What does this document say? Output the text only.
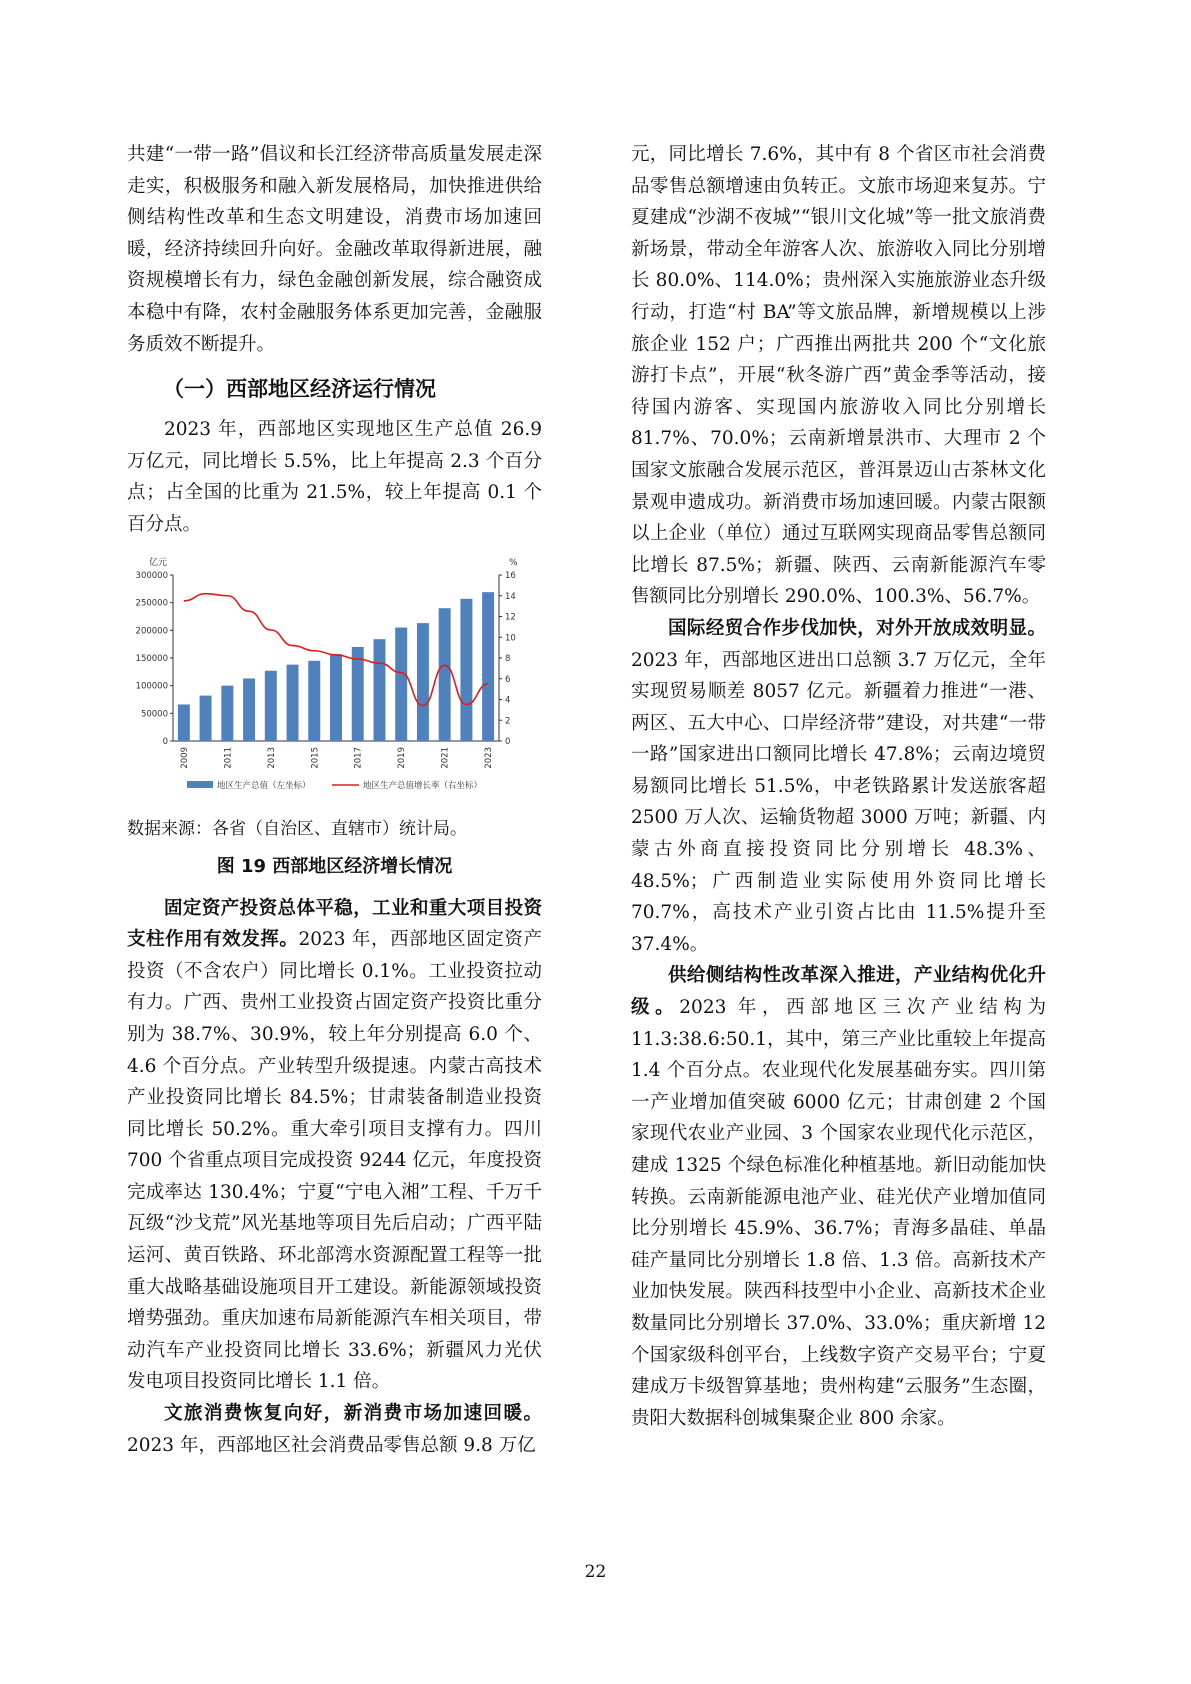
共建“一带一路”倡议和长江经济带高质量发展走深走实，积极服务和融入新发展格局，加快推进供给侧结构性改革和生态文明建设，消费市场加速回暖，经济持续回升向好。金融改革取得新进展，融资规模增长有力，绿色金融创新发展，综合融资成本稳中有降，农村金融服务体系更加完善，金融服务质效不断提升。

（一）西部地区经济运行情况

2023 年，西部地区实现地区生产总值 26.9 万亿元，同比增长 5.5%，比上年提高 2.3 个百分点；占全国的比重为 21.5%，较上年提高 0.1 个百分点。

亿元	%
0
50000
100000
150000
200000
250000
300000
0
2
4
6
8
10
12
14
16
2009	2011	2013	2015	2017	2019	2021	2023
地区生产总值（左坐标）	地区生产总值增长率（右坐标）

数据来源：各省（自治区、直辖市）统计局。

图 19 西部地区经济增长情况

固定资产投资总体平稳，工业和重大项目投资支柱作用有效发挥。2023 年，西部地区固定资产投资（不含农户）同比增长 0.1%。工业投资拉动有力。广西、贵州工业投资占固定资产投资比重分别为 38.7%、30.9%，较上年分别提高 6.0 个、4.6 个百分点。产业转型升级提速。内蒙古高技术产业投资同比增长 84.5%；甘肃装备制造业投资同比增长 50.2%。重大牵引项目支撑有力。四川 700 个省重点项目完成投资 9244 亿元，年度投资完成率达 130.4%；宁夏“宁电入湘”工程、千万千瓦级“沙戈荒”风光基地等项目先后启动；广西平陆运河、黄百铁路、环北部湾水资源配置工程等一批重大战略基础设施项目开工建设。新能源领域投资增势强劲。重庆加速布局新能源汽车相关项目，带动汽车产业投资同比增长 33.6%；新疆风力光伏发电项目投资同比增长 1.1 倍。

文旅消费恢复向好，新消费市场加速回暖。2023 年，西部地区社会消费品零售总额 9.8 万亿

元，同比增长 7.6%，其中有 8 个省区市社会消费品零售总额增速由负转正。文旅市场迎来复苏。宁夏建成“沙湖不夜城”“银川文化城”等一批文旅消费新场景，带动全年游客人次、旅游收入同比分别增长 80.0%、114.0%；贵州深入实施旅游业态升级行动，打造“村 BA”等文旅品牌，新增规模以上涉旅企业 152 户；广西推出两批共 200 个“文化旅游打卡点”，开展“秋冬游广西”黄金季等活动，接待国内游客、实现国内旅游收入同比分别增长 81.7%、70.0%；云南新增景洪市、大理市 2 个国家文旅融合发展示范区，普洱景迈山古茶林文化景观申遗成功。新消费市场加速回暖。内蒙古限额以上企业（单位）通过互联网实现商品零售总额同比增长 87.5%；新疆、陕西、云南新能源汽车零售额同比分别增长 290.0%、100.3%、56.7%。

国际经贸合作步伐加快，对外开放成效明显。2023 年，西部地区进出口总额 3.7 万亿元，全年实现贸易顺差 8057 亿元。新疆着力推进“一港、两区、五大中心、口岸经济带”建设，对共建“一带一路”国家进出口额同比增长 47.8%；云南边境贸易额同比增长 51.5%，中老铁路累计发送旅客超 2500 万人次、运输货物超 3000 万吨；新疆、内蒙古外商直接投资同比分别增长 48.3%、48.5%；广西制造业实际使用外资同比增长 70.7%，高技术产业引资占比由 11.5%提升至 37.4%。

供给侧结构性改革深入推进，产业结构优化升级。2023 年，西部地区三次产业结构为 11.3:38.6:50.1，其中，第三产业比重较上年提高 1.4 个百分点。农业现代化发展基础夯实。四川第一产业增加值突破 6000 亿元；甘肃创建 2 个国家现代农业产业园、3 个国家农业现代化示范区，建成 1325 个绿色标准化种植基地。新旧动能加快转换。云南新能源电池产业、硅光伏产业增加值同比分别增长 45.9%、36.7%；青海多晶硅、单晶硅产量同比分别增长 1.8 倍、1.3 倍。高新技术产业加快发展。陕西科技型中小企业、高新技术企业数量同比分别增长 37.0%、33.0%；重庆新增 12 个国家级科创平台，上线数字资产交易平台；宁夏建成万卡级智算基地；贵州构建“云服务”生态圈，贵阳大数据科创城集聚企业 800 余家。

22
